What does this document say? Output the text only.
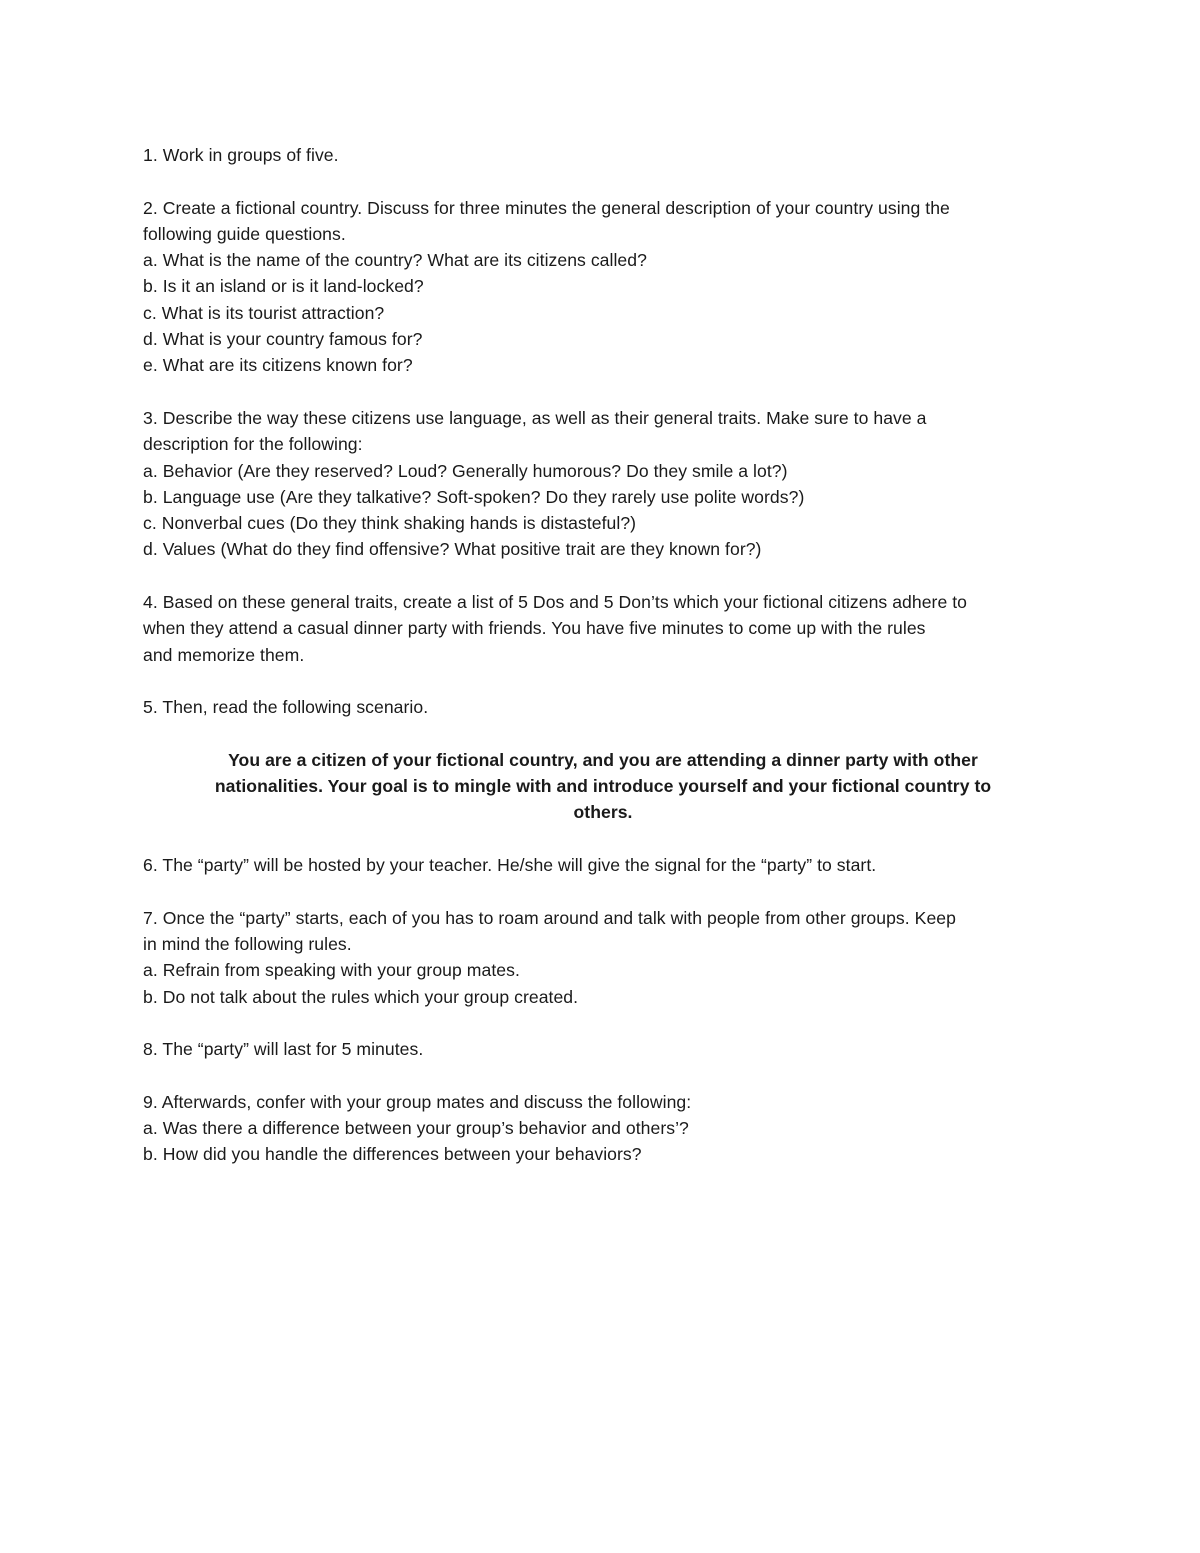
1. Work in groups of five.
2. Create a fictional country. Discuss for three minutes the general description of your country using the
following guide questions.
a. What is the name of the country? What are its citizens called?
b. Is it an island or is it land-locked?
c. What is its tourist attraction?
d. What is your country famous for?
e. What are its citizens known for?
3. Describe the way these citizens use language, as well as their general traits. Make sure to have a
description for the following:
a. Behavior (Are they reserved? Loud? Generally humorous? Do they smile a lot?)
b. Language use (Are they talkative? Soft-spoken? Do they rarely use polite words?)
c. Nonverbal cues (Do they think shaking hands is distasteful?)
d. Values (What do they find offensive? What positive trait are they known for?)
4. Based on these general traits, create a list of 5 Dos and 5 Don’ts which your fictional citizens adhere to
when they attend a casual dinner party with friends. You have five minutes to come up with the rules
and memorize them.
5. Then, read the following scenario.
You are a citizen of your fictional country, and you are attending a dinner party with other
nationalities. Your goal is to mingle with and introduce yourself and your fictional country to
others.
6. The “party” will be hosted by your teacher. He/she will give the signal for the “party” to start.
7. Once the “party” starts, each of you has to roam around and talk with people from other groups. Keep
in mind the following rules.
a. Refrain from speaking with your group mates.
b. Do not talk about the rules which your group created.
8. The “party” will last for 5 minutes.
9. Afterwards, confer with your group mates and discuss the following:
a. Was there a difference between your group’s behavior and others’?
b. How did you handle the differences between your behaviors?
